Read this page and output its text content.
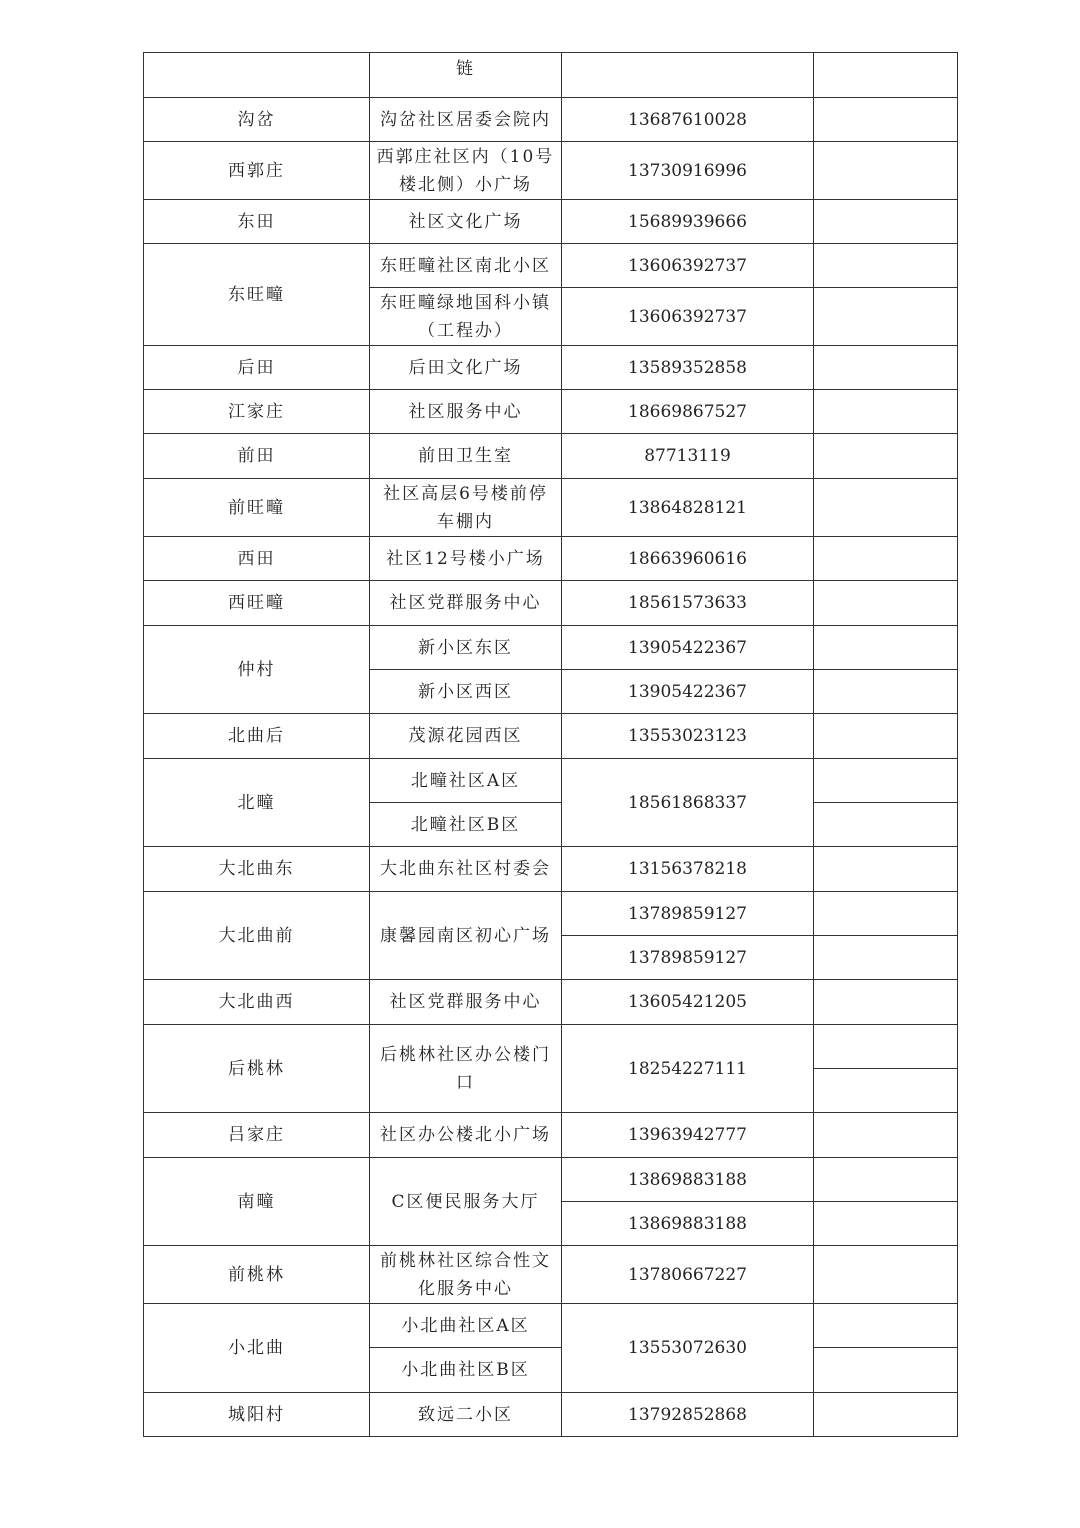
	链		
沟岔	沟岔社区居委会院内	13687610028	
西郭庄	西郭庄社区内（10号楼北侧）小广场	13730916996	
东田	社区文化广场	15689939666	
东旺疃	东旺疃社区南北小区	13606392737	
	东旺疃绿地国科小镇（工程办）	13606392737	
后田	后田文化广场	13589352858	
江家庄	社区服务中心	18669867527	
前田	前田卫生室	87713119	
前旺疃	社区高层6号楼前停车棚内	13864828121	
西田	社区12号楼小广场	18663960616	
西旺疃	社区党群服务中心	18561573633	
仲村	新小区东区	13905422367	
	新小区西区	13905422367	
北曲后	茂源花园西区	13553023123	
北疃	北疃社区A区	18561868337	
	北疃社区B区		
大北曲东	大北曲东社区村委会	13156378218	
大北曲前	康馨园南区初心广场	13789859127	
		13789859127	
大北曲西	社区党群服务中心	13605421205	
后桃林	后桃林社区办公楼门口	18254227111	

吕家庄	社区办公楼北小广场	13963942777	
南疃	C区便民服务大厅	13869883188	
		13869883188	
前桃林	前桃林社区综合性文化服务中心	13780667227	
小北曲	小北曲社区A区	13553072630	
	小北曲社区B区		
城阳村	致远二小区	13792852868	
